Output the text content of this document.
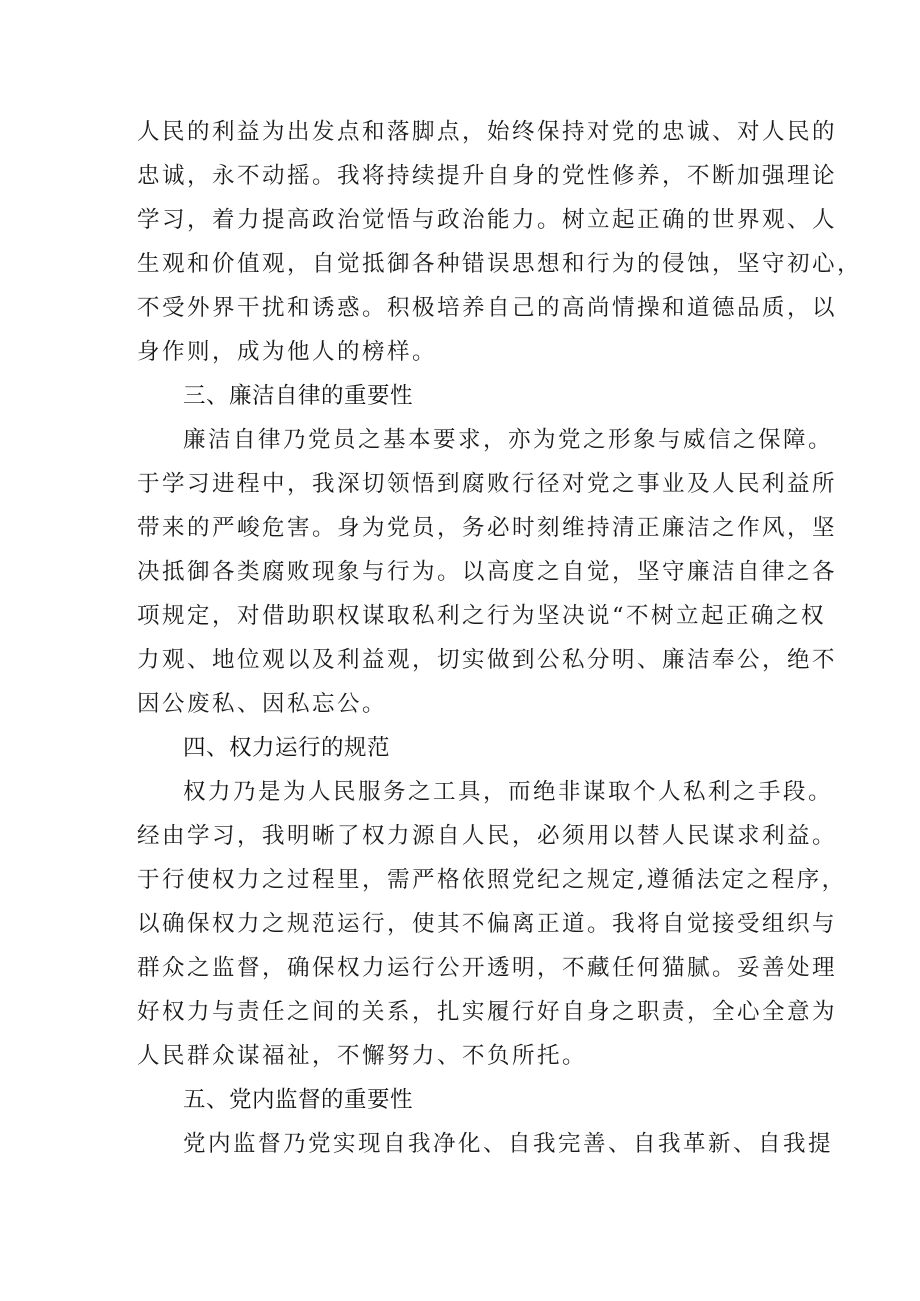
人民的利益为出发点和落脚点，始终保持对党的忠诚、对人民的
忠诚，永不动摇。我将持续提升自身的党性修养，不断加强理论
学习，着力提高政治觉悟与政治能力。树立起正确的世界观、人
生观和价值观，自觉抵御各种错误思想和行为的侵蚀，坚守初心，
不受外界干扰和诱惑。积极培养自己的高尚情操和道德品质，以
身作则，成为他人的榜样。
三、廉洁自律的重要性
廉洁自律乃党员之基本要求，亦为党之形象与威信之保障。
于学习进程中，我深切领悟到腐败行径对党之事业及人民利益所
带来的严峻危害。身为党员，务必时刻维持清正廉洁之作风，坚
决抵御各类腐败现象与行为。以高度之自觉，坚守廉洁自律之各
项规定，对借助职权谋取私利之行为坚决说“不树立起正确之权
力观、地位观以及利益观，切实做到公私分明、廉洁奉公，绝不
因公废私、因私忘公。
四、权力运行的规范
权力乃是为人民服务之工具，而绝非谋取个人私利之手段。
经由学习，我明晰了权力源自人民，必须用以替人民谋求利益。
于行使权力之过程里，需严格依照党纪之规定,遵循法定之程序，
以确保权力之规范运行，使其不偏离正道。我将自觉接受组织与
群众之监督，确保权力运行公开透明，不藏任何猫腻。妥善处理
好权力与责任之间的关系，扎实履行好自身之职责，全心全意为
人民群众谋福祉，不懈努力、不负所托。
五、党内监督的重要性
党内监督乃党实现自我净化、自我完善、自我革新、自我提
